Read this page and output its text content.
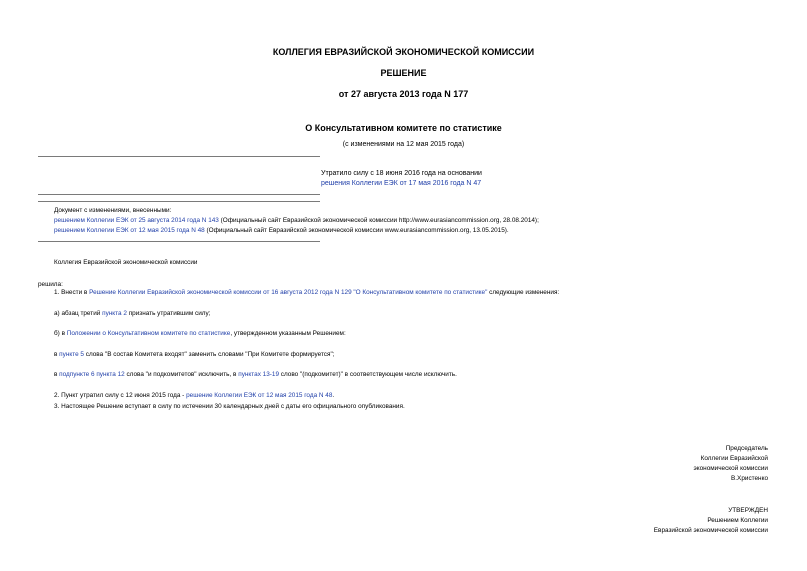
КОЛЛЕГИЯ ЕВРАЗИЙСКОЙ ЭКОНОМИЧЕСКОЙ КОМИССИИ
РЕШЕНИЕ
от 27 августа 2013 года N 177
О Консультативном комитете по статистике
(с изменениями на 12 мая 2015 года)
Утратило силу с 18 июня 2016 года на основании
решения Коллегии ЕЭК от 17 мая 2016 года N 47
Документ с изменениями, внесенными:
решением Коллегии ЕЭК от 25 августа 2014 года N 143 (Официальный сайт Евразийской экономической комиссии http://www.eurasiancommission.org, 28.08.2014);
решением Коллегии ЕЭК от 12 мая 2015 года N 48 (Официальный сайт Евразийской экономической комиссии www.eurasiancommission.org, 13.05.2015).
Коллегия Евразийской экономической комиссии
решила:
1. Внести в Решение Коллегии Евразийской экономической комиссии от 16 августа 2012 года N 129 "О Консультативном комитете по статистике" следующие изменения:
а) абзац третий пункта 2 признать утратившим силу;
б) в Положении о Консультативном комитете по статистике, утвержденном указанным Решением:
в пункте 5 слова "В состав Комитета входят" заменить словами "При Комитете формируется";
в подпункте 6 пункта 12 слова "и подкомитетов" исключить, в пунктах 13-19 слово "(подкомитет)" в соответствующем числе исключить.
2. Пункт утратил силу с 12 июня 2015 года - решение Коллегии ЕЭК от 12 мая 2015 года N 48.
3. Настоящее Решение вступает в силу по истечении 30 календарных дней с даты его официального опубликования.
Председатель
Коллегии Евразийской
экономической комиссии
В.Христенко
УТВЕРЖДЕН
Решением Коллегии
Евразийской экономической комиссии
